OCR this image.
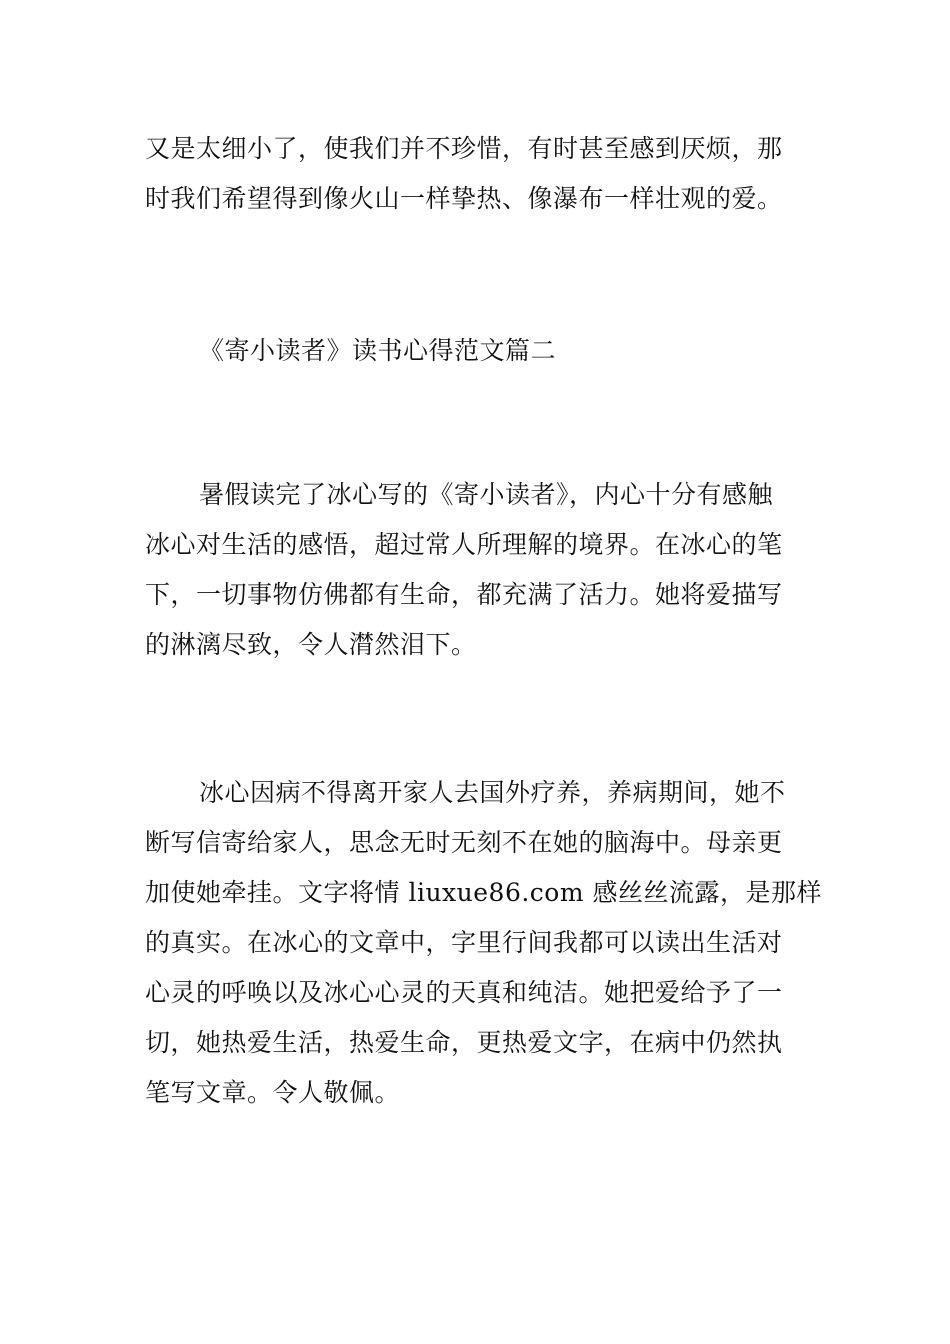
又是太细小了，使我们并不珍惜，有时甚至感到厌烦，那
时我们希望得到像火山一样挚热、像瀑布一样壮观的爱。
《寄小读者》读书心得范文篇二
暑假读完了冰心写的《寄小读者》，内心十分有感触
冰心对生活的感悟，超过常人所理解的境界。在冰心的笔
下，一切事物仿佛都有生命，都充满了活力。她将爱描写
的淋漓尽致，令人潸然泪下。
冰心因病不得离开家人去国外疗养，养病期间，她不
断写信寄给家人，思念无时无刻不在她的脑海中。母亲更
加使她牵挂。文字将情 liuxue86.com 感丝丝流露，是那样
的真实。在冰心的文章中，字里行间我都可以读出生活对
心灵的呼唤以及冰心心灵的天真和纯洁。她把爱给予了一
切，她热爱生活，热爱生命，更热爱文字，在病中仍然执
笔写文章。令人敬佩。
